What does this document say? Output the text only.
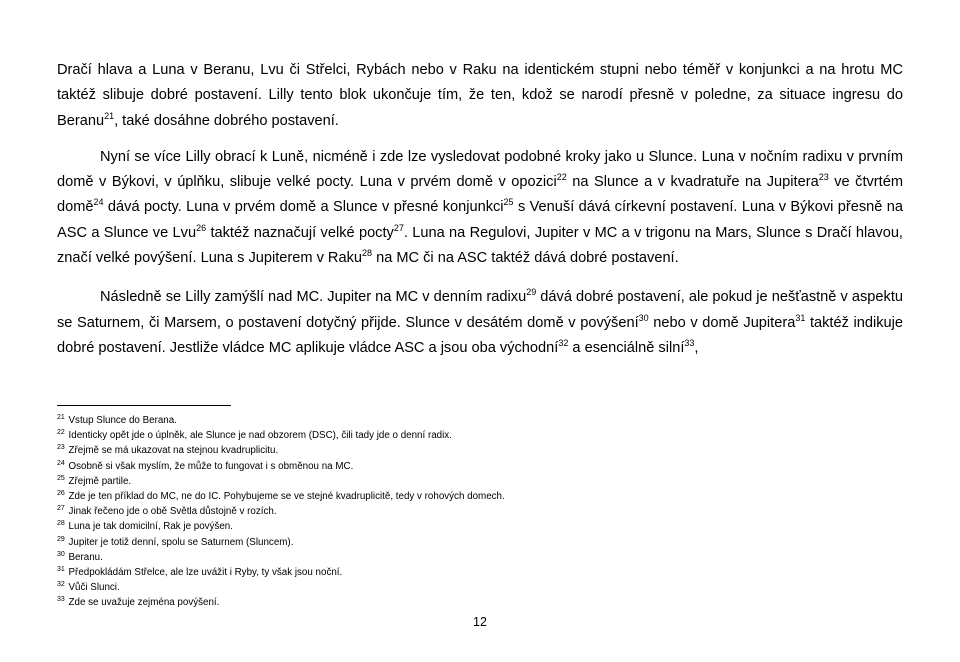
Dračí hlava a Luna v Beranu, Lvu či Střelci, Rybách nebo v Raku na identickém stupni nebo téměř v konjunkci a na hrotu MC taktéž slibuje dobré postavení. Lilly tento blok ukončuje tím, že ten, kdož se narodí přesně v poledne, za situace ingresu do Beranu$^{21}$, také dosáhne dobrého postavení.

Nyní se více Lilly obrací k Luně, nicméně i zde lze vysledovat podobné kroky jako u Slunce. Luna v nočním radixu v prvním domě v Býkovi, v úplňku, slibuje velké pocty. Luna v prvém domě v opozici$^{22}$ na Slunce a v kvadratuře na Jupitera$^{23}$ ve čtvrtém domě$^{24}$ dává pocty. Luna v prvém domě a Slunce v přesné konjunkci$^{25}$ s Venuší dává církevní postavení. Luna v Býkovi přesně na ASC a Slunce ve Lvu$^{26}$ taktéž naznačují velké pocty$^{27}$. Luna na Regulovi, Jupiter v MC a v trigonu na Mars, Slunce s Dračí hlavou, značí velké povýšení. Luna s Jupiterem v Raku$^{28}$ na MC či na ASC taktéž dává dobré postavení.

Následně se Lilly zamýšlí nad MC. Jupiter na MC v denním radixu$^{29}$ dává dobré postavení, ale pokud je nešťastně v aspektu se Saturnem, či Marsem, o postavení dotyčný přijde. Slunce v desátém domě v povýšení$^{30}$ nebo v domě Jupitera$^{31}$ taktéž indikuje dobré postavení. Jestliže vládce MC aplikuje vládce ASC a jsou oba východní$^{32}$ a esenciálně silní$^{33}$,

$^{21}$ Vstup Slunce do Berana.
$^{22}$ Identicky opět jde o úplněk, ale Slunce je nad obzorem (DSC), čili tady jde o denní radix.
$^{23}$ Zřejmě se má ukazovat na stejnou kvadruplicitu.
$^{24}$ Osobně si však myslím, že může to fungovat i s obměnou na MC.
$^{25}$ Zřejmě partile.
$^{26}$ Zde je ten příklad do MC, ne do IC. Pohybujeme se ve stejné kvadruplicitě, tedy v rohových domech.
$^{27}$ Jinak řečeno jde o obě Světla důstojně v rozích.
$^{28}$ Luna je tak domicilní, Rak je povýšen.
$^{29}$ Jupiter je totiž denní, spolu se Saturnem (Sluncem).
$^{30}$ Beranu.
$^{31}$ Předpokládám Střelce, ale lze uvážit i Ryby, ty však jsou noční.
$^{32}$ Vůči Slunci.
$^{33}$ Zde se uvažuje zejména povýšení.
12
